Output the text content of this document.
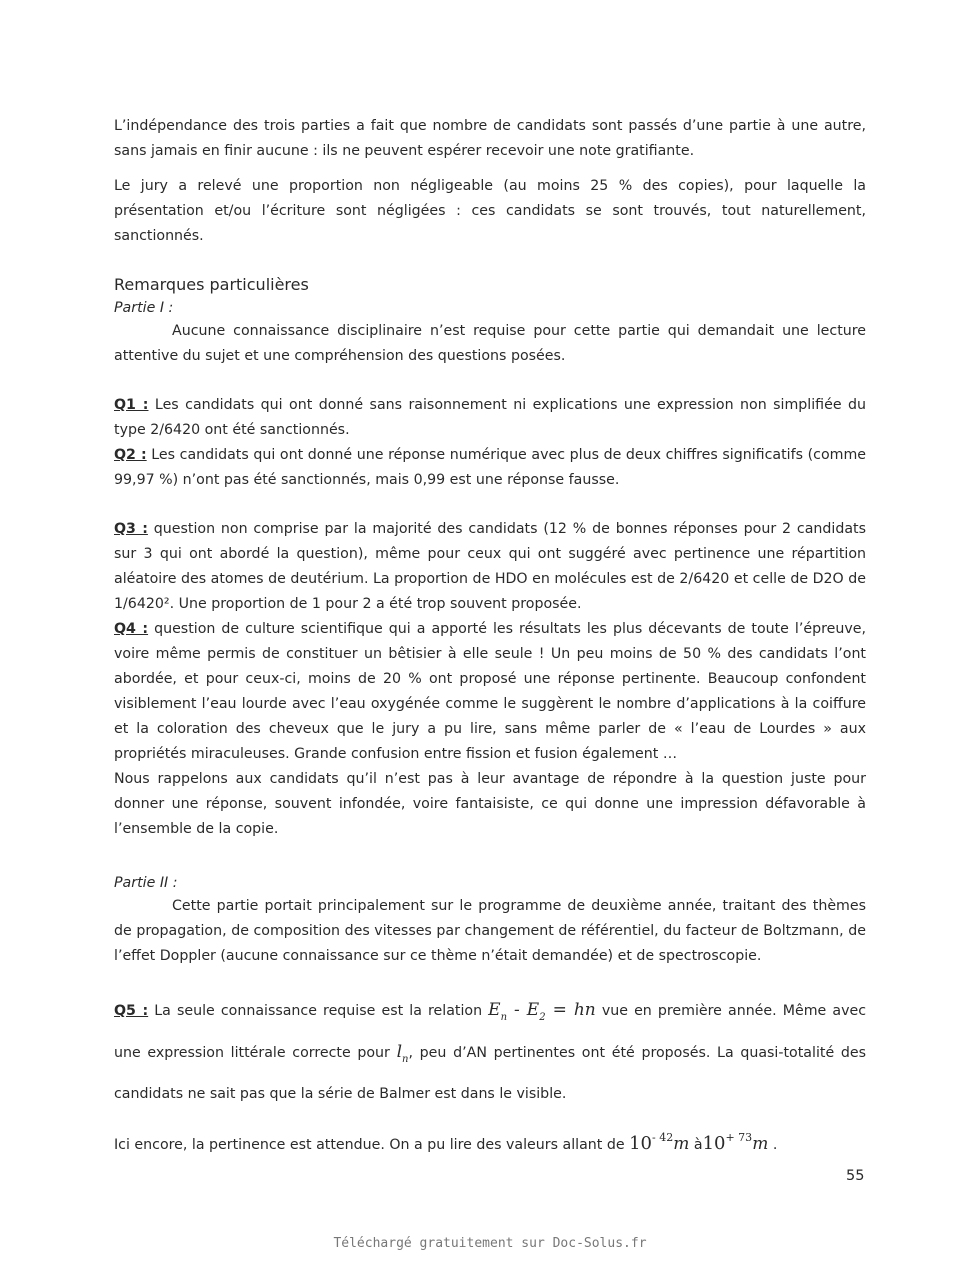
L’indépendance des trois parties a fait que nombre de candidats sont passés d’une partie à une autre, sans jamais en finir aucune : ils ne peuvent espérer recevoir une note gratifiante.

Le jury a relevé une proportion non négligeable (au moins 25 % des copies), pour laquelle la présentation et/ou l’écriture sont négligées : ces candidats se sont trouvés, tout naturellement, sanctionnés.

Remarques particulières
Partie I :

Aucune connaissance disciplinaire n’est requise pour cette partie qui demandait une lecture attentive du sujet et une compréhension des questions posées.

Q1 : Les candidats qui ont donné sans raisonnement ni explications une expression non simplifiée du type 2/6420 ont été sanctionnés.

Q2 : Les candidats qui ont donné une réponse numérique avec plus de deux chiffres significatifs (comme 99,97 %) n’ont pas été sanctionnés, mais 0,99 est une réponse fausse.

Q3 : question non comprise par la majorité des candidats (12 % de bonnes réponses pour 2 candidats sur 3 qui ont abordé la question), même pour ceux qui ont suggéré avec pertinence une répartition aléatoire des atomes de deutérium. La proportion de HDO en molécules est de 2/6420 et celle de D2O de 1/6420². Une proportion de 1 pour 2 a été trop souvent proposée.

Q4 : question de culture scientifique qui a apporté les résultats les plus décevants de toute l’épreuve, voire même permis de constituer un bêtisier à elle seule ! Un peu moins de 50 % des candidats l’ont abordée, et pour ceux-ci, moins de 20 % ont proposé une réponse pertinente. Beaucoup confondent visiblement l’eau lourde avec l’eau oxygénée comme le suggèrent le nombre d’applications à la coiffure et la coloration des cheveux que le jury a pu lire, sans même parler de « l’eau de Lourdes » aux propriétés miraculeuses. Grande confusion entre fission et fusion également …

Nous rappelons aux candidats qu’il n’est pas à leur avantage de répondre à la question juste pour donner une réponse, souvent infondée, voire fantaisiste, ce qui donne une impression défavorable à l’ensemble de la copie.

Partie II :

Cette partie portait principalement sur le programme de deuxième année, traitant des thèmes de propagation, de composition des vitesses par changement de référentiel, du facteur de Boltzmann, de l’effet Doppler (aucune connaissance sur ce thème n’était demandée) et de spectroscopie.

Q5 : La seule connaissance requise est la relation $E_n - E_2$ = hn vue en première année. Même avec une expression littérale correcte pour $l_n$, peu d’AN pertinentes ont été proposés. La quasi-totalité des candidats ne sait pas que la série de Balmer est dans le visible.

Ici encore, la pertinence est attendue. On a pu lire des valeurs allant de $10^{- 42}m$ $à10^{+ 73}m$ .

55
Téléchargé gratuitement sur Doc-Solus.fr
